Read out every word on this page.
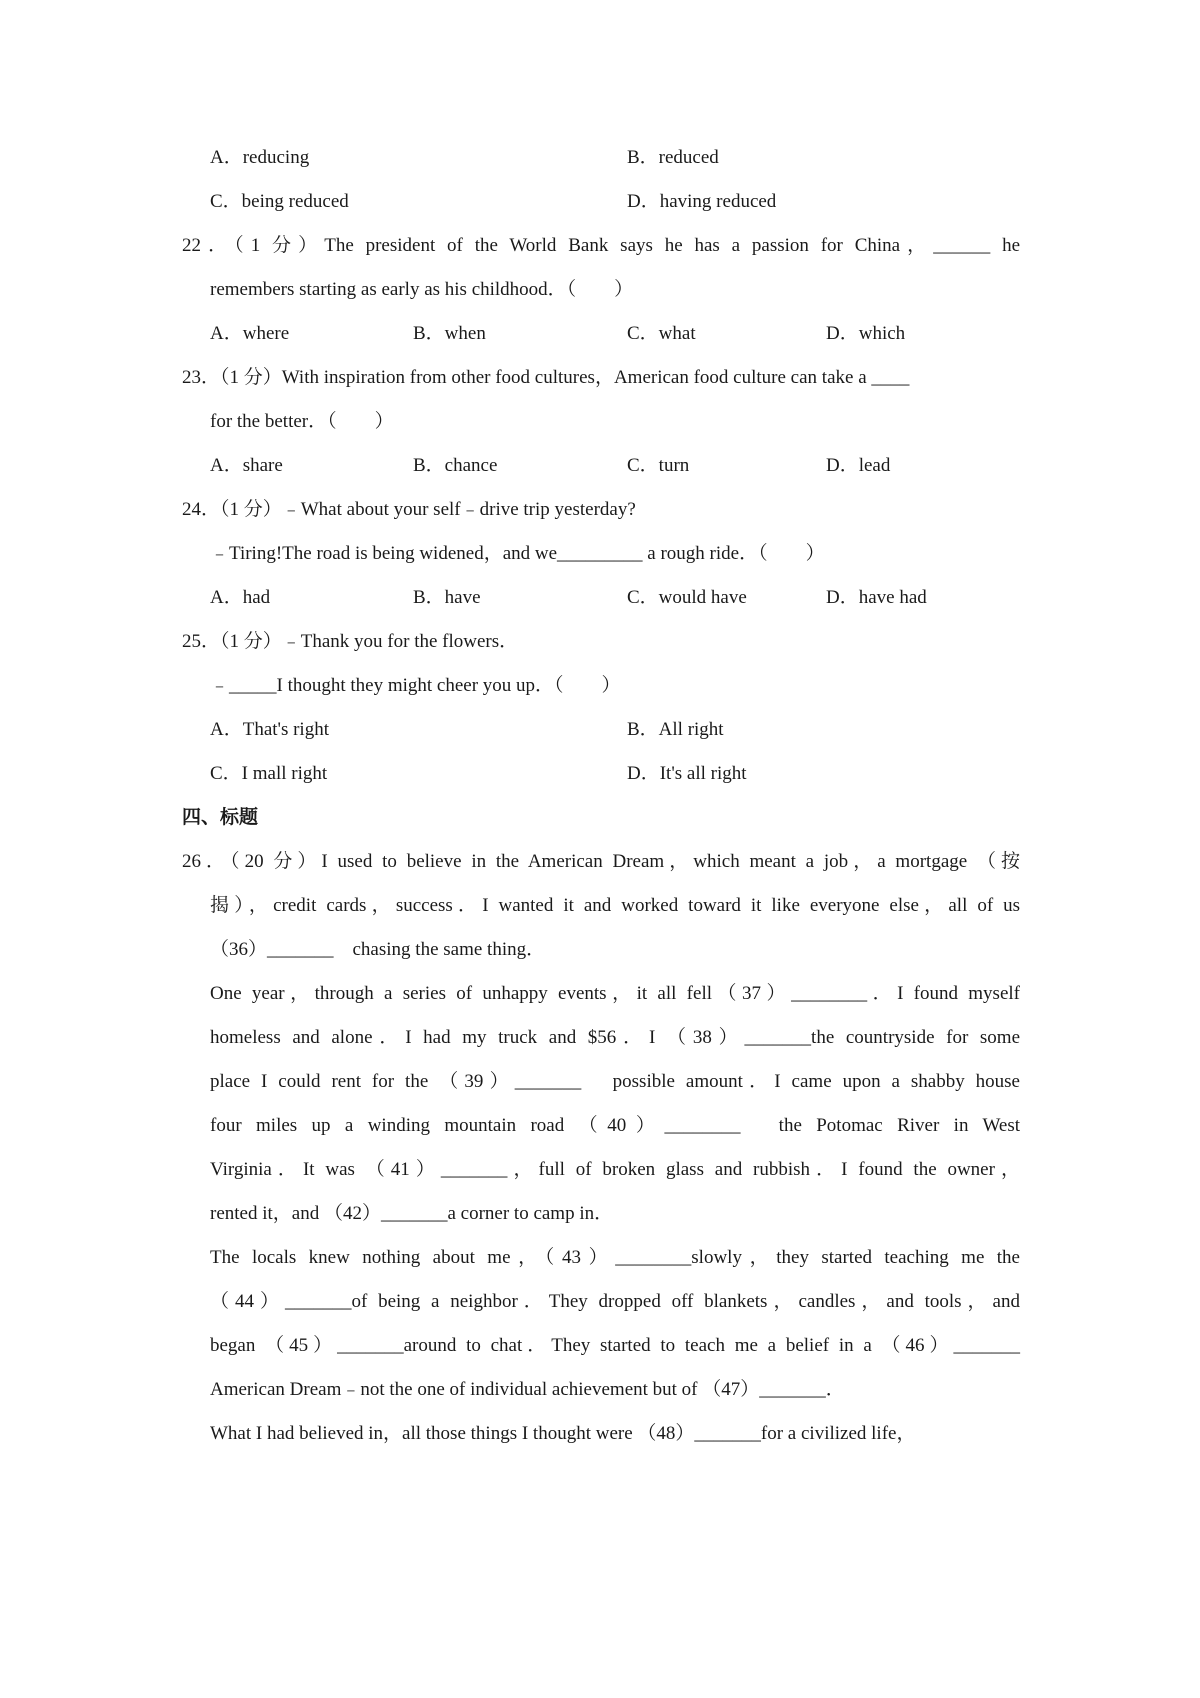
A．reducing	B．reduced
C．being reduced	D．having reduced
22．（1 分）The president of the World Bank says he has a passion for China，______ he
remembers starting as early as his childhood．（　　）
A．where	B．when	C．what	D．which
23．（1 分）With inspiration from other food cultures，American food culture can take a ____
for the better．（　　）
A．share	B．chance	C．turn	D．lead
24．（1 分）﹣What about your self﹣drive trip yesterday?
﹣Tiring!The road is being widened，and we_________ a rough ride．（　　）
A．had	B．have	C．would have	D．have had
25．（1 分）﹣Thank you for the flowers．
﹣_____I thought they might cheer you up．（　　）
A．That's right	B．All right
C．I mall right	D．It's all right
四、标题
26．（20 分）I used to believe in the American Dream，which meant a job，a mortgage （按
揭），credit cards，success．I wanted it and worked toward it like everyone else，all of us
（36）_______　chasing the same thing．
One year，through a series of unhappy events，it all fell（37）________．I found myself
homeless and alone．I had my truck and $56．I （38）_______the countryside for some
place I could rent for the （39）_______　possible amount．I came upon a shabby house
four miles up a winding mountain road （40）________　the Potomac River in West
Virginia．It was （41）_______，full of broken glass and rubbish．I found the owner，
rented it，and （42）_______a corner to camp in．
The locals knew nothing about me，（43）________slowly，they started teaching me the
（44）_______of being a neighbor．They dropped off blankets，candles，and tools，and
began （45）_______around to chat．They started to teach me a belief in a （46）_______
American Dream﹣not the one of individual achievement but of （47）_______．
What I had believed in，all those things I thought were （48）_______for a civilized life，
